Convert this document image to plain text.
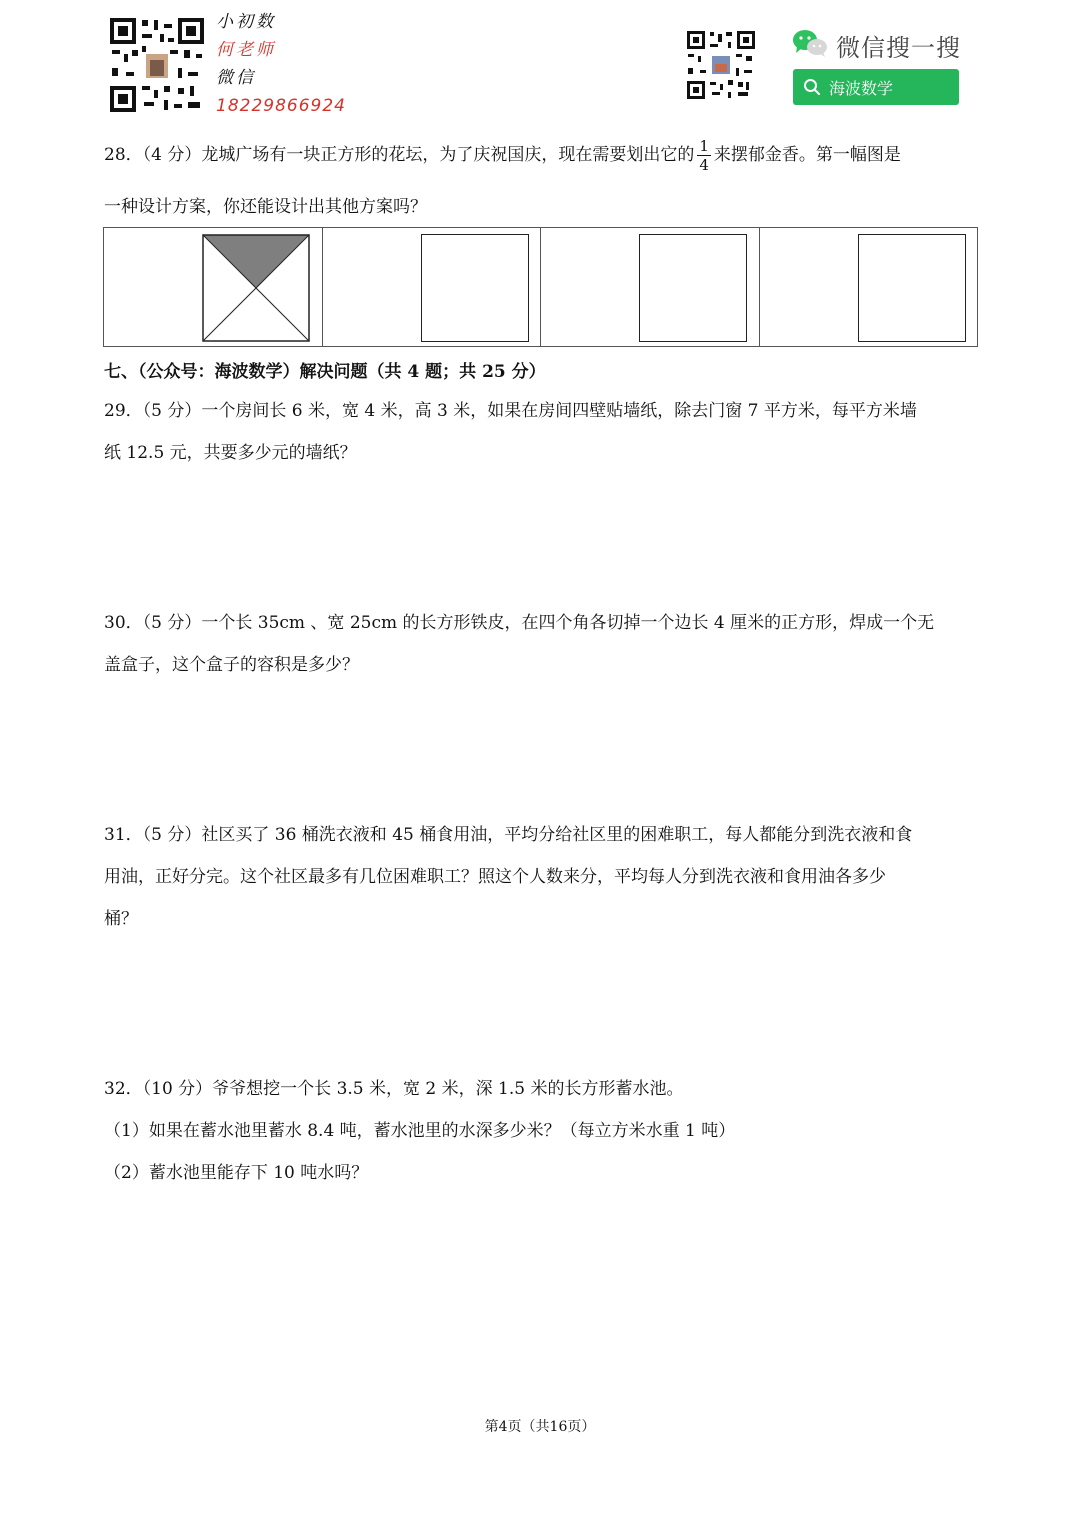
小初数
何老师
微信
18229866924
微信搜一搜
海波数学
28．（4 分）龙城广场有一块正方形的花坛，为了庆祝国庆，现在需要划出它的 $\frac{1}{4}$ 来摆郁金香。第一幅图是
一种设计方案，你还能设计出其他方案吗？
七、（公众号：海波数学）解决问题（共 4 题；共 25 分）
29．（5 分）一个房间长 6 米，宽 4 米，高 3 米，如果在房间四壁贴墙纸，除去门窗 7 平方米，每平方米墙
纸 12.5 元，共要多少元的墙纸？
30．（5 分）一个长 35cm 、宽 25cm 的长方形铁皮，在四个角各切掉一个边长 4 厘米的正方形，焊成一个无
盖盒子，这个盒子的容积是多少？
31．（5 分）社区买了 36 桶洗衣液和 45 桶食用油，平均分给社区里的困难职工，每人都能分到洗衣液和食
用油，正好分完。这个社区最多有几位困难职工？照这个人数来分，平均每人分到洗衣液和食用油各多少
桶？
32．（10 分）爷爷想挖一个长 3.5 米，宽 2 米，深 1.5 米的长方形蓄水池。
（1）如果在蓄水池里蓄水 8.4 吨，蓄水池里的水深多少米？（每立方米水重 1 吨）
（2）蓄水池里能存下 10 吨水吗？
第4页（共16页）
